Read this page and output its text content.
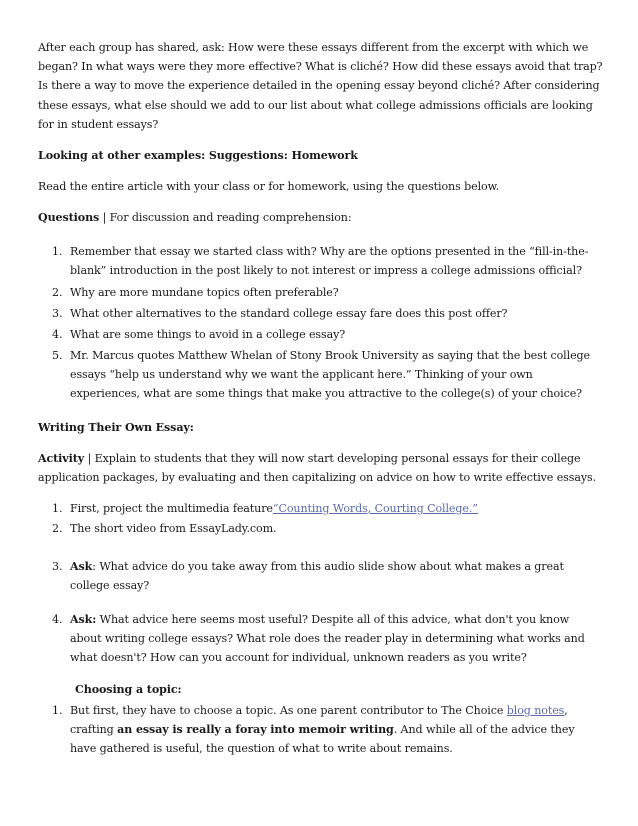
After each group has shared, ask: How were these essays different from the excerpt with which we began? In what ways were they more effective? What is cliché? How did these essays avoid that trap? Is there a way to move the experience detailed in the opening essay beyond cliché? After considering these essays, what else should we add to our list about what college admissions officials are looking for in student essays?

Looking at other examples: Suggestions: Homework

Read the entire article with your class or for homework, using the questions below.

Questions | For discussion and reading comprehension:

1. Remember that essay we started class with? Why are the options presented in the “fill-in-the-blank” introduction in the post likely to not interest or impress a college admissions official?

2. Why are more mundane topics often preferable?

3. What other alternatives to the standard college essay fare does this post offer?

4. What are some things to avoid in a college essay?

5. Mr. Marcus quotes Matthew Whelan of Stony Brook University as saying that the best college essays “help us understand why we want the applicant here.” Thinking of your own experiences, what are some things that make you attractive to the college(s) of your choice?

Writing Their Own Essay:

Activity | Explain to students that they will now start developing personal essays for their college application packages, by evaluating and then capitalizing on advice on how to write effective essays.

1. First, project the multimedia feature“Counting Words, Courting College.”

2. The short video from EssayLady.com.

3. Ask: What advice do you take away from this audio slide show about what makes a great college essay?

4. Ask: What advice here seems most useful? Despite all of this advice, what don't you know about writing college essays? What role does the reader play in determining what works and what doesn't? How can you account for individual, unknown readers as you write?

Choosing a topic:

1. But first, they have to choose a topic. As one parent contributor to The Choice blog notes, crafting an essay is really a foray into memoir writing. And while all of the advice they have gathered is useful, the question of what to write about remains.
